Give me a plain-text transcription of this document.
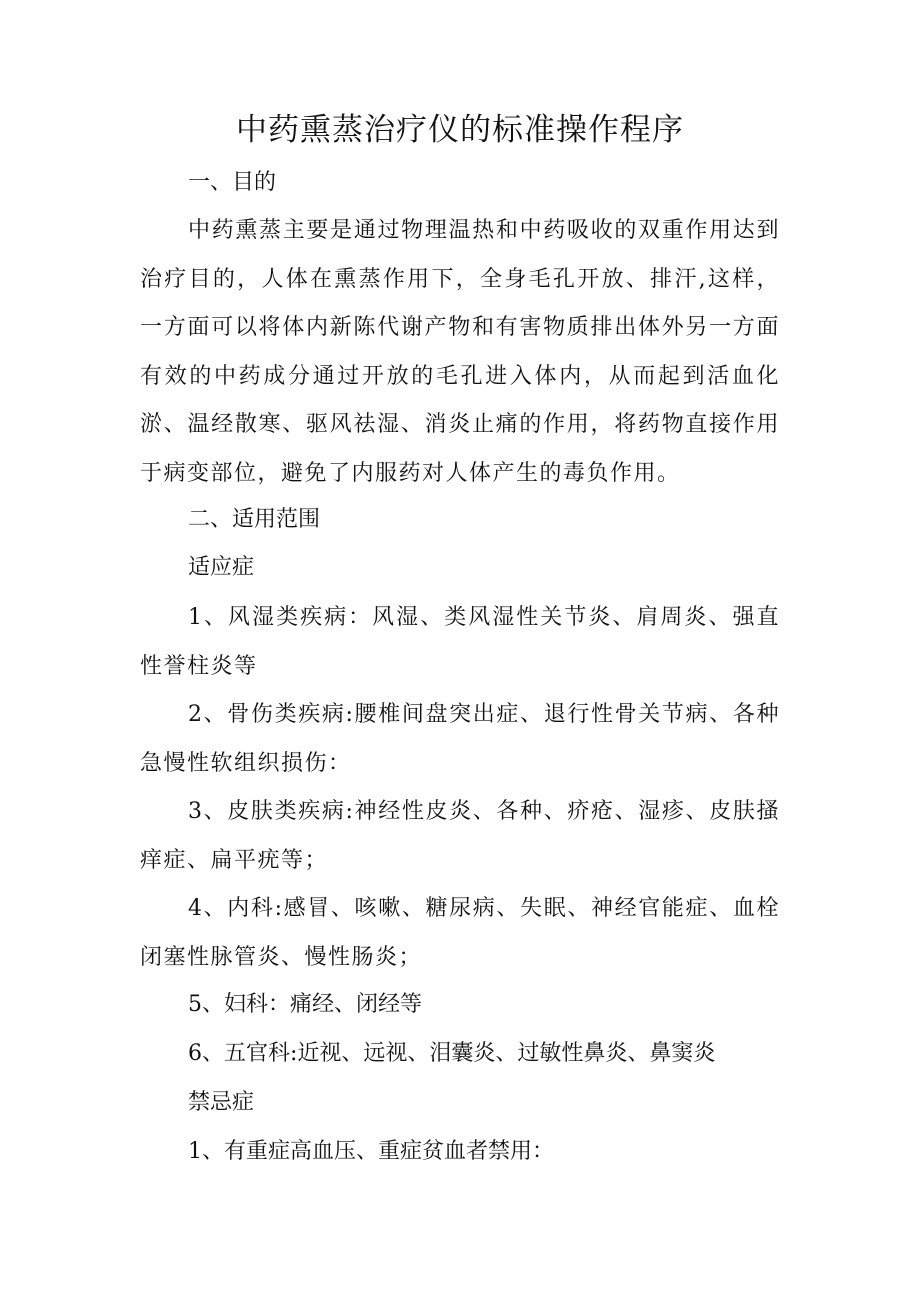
中药熏蒸治疗仪的标准操作程序

一、目的

中药熏蒸主要是通过物理温热和中药吸收的双重作用达到治疗目的，人体在熏蒸作用下，全身毛孔开放、排汗,这样，一方面可以将体内新陈代谢产物和有害物质排出体外另一方面有效的中药成分通过开放的毛孔进入体内，从而起到活血化淤、温经散寒、驱风祛湿、消炎止痛的作用，将药物直接作用于病变部位，避免了内服药对人体产生的毒负作用。

二、适用范围

适应症

1、风湿类疾病：风湿、类风湿性关节炎、肩周炎、强直性誉柱炎等

2、骨伤类疾病:腰椎间盘突出症、退行性骨关节病、各种急慢性软组织损伤：

3、皮肤类疾病:神经性皮炎、各种、疥疮、湿疹、皮肤搔痒症、扁平疣等；

4、内科:感冒、咳嗽、糖尿病、失眠、神经官能症、血栓闭塞性脉管炎、慢性肠炎；

5、妇科：痛经、闭经等

6、五官科:近视、远视、泪囊炎、过敏性鼻炎、鼻窦炎

禁忌症

1、有重症高血压、重症贫血者禁用：
